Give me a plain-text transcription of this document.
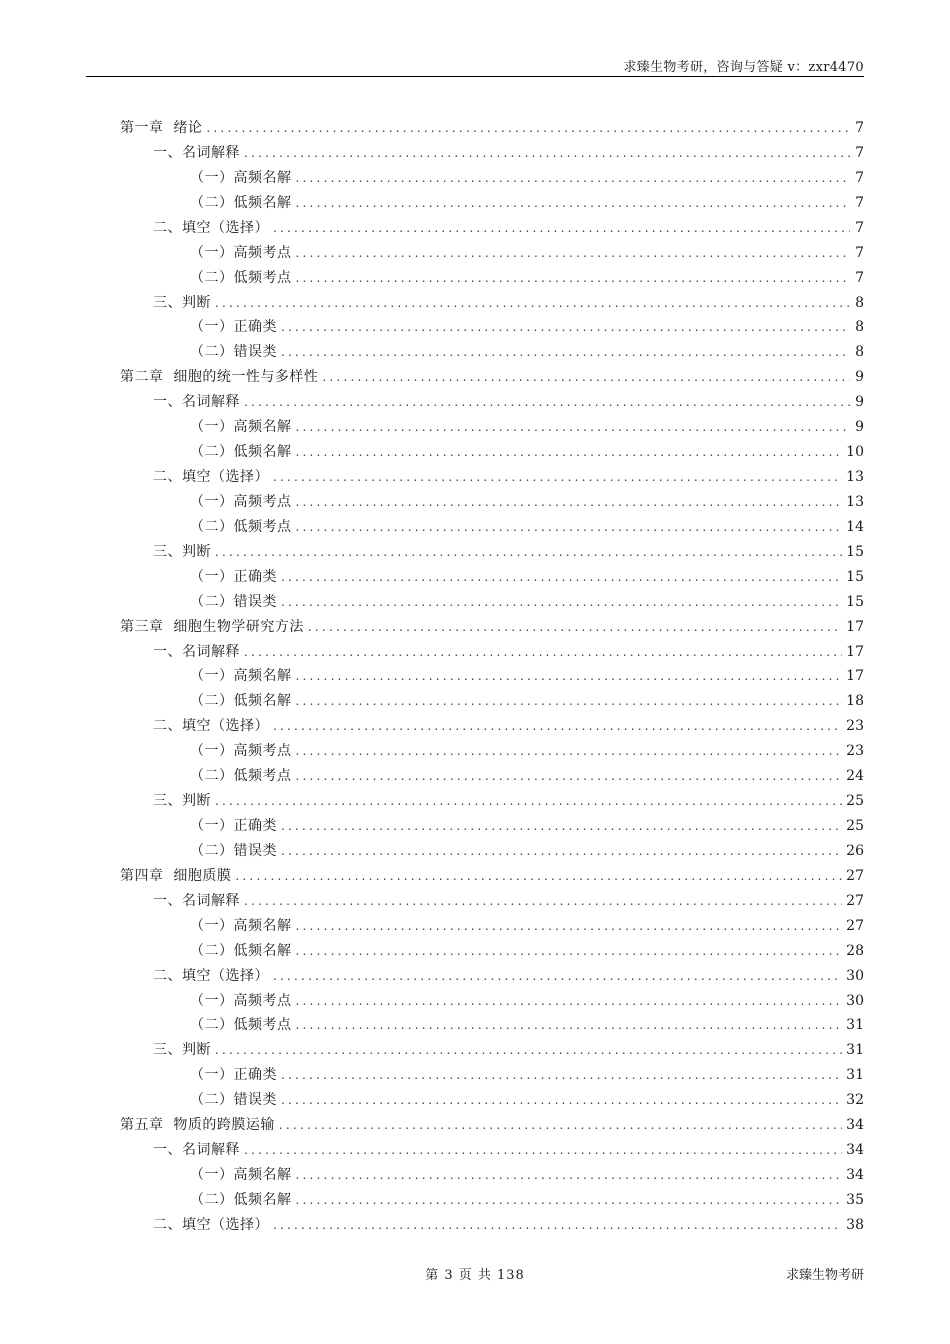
求臻生物考研，咨询与答疑 v：zxr4470
第一章  绪论 .....	7
一、名词解释 .....	7
（一）高频名解 .....	7
（二）低频名解 .....	7
二、填空（选择） .....	7
（一）高频考点 .....	7
（二）低频考点 .....	7
三、判断 .....	8
（一）正确类 .....	8
（二）错误类 .....	8
第二章  细胞的统一性与多样性 .....	9
一、名词解释 .....	9
（一）高频名解 .....	9
（二）低频名解 .....	10
二、填空（选择） .....	13
（一）高频考点 .....	13
（二）低频考点 .....	14
三、判断 .....	15
（一）正确类 .....	15
（二）错误类 .....	15
第三章  细胞生物学研究方法 .....	17
一、名词解释 .....	17
（一）高频名解 .....	17
（二）低频名解 .....	18
二、填空（选择） .....	23
（一）高频考点 .....	23
（二）低频考点 .....	24
三、判断 .....	25
（一）正确类 .....	25
（二）错误类 .....	26
第四章  细胞质膜 .....	27
一、名词解释 .....	27
（一）高频名解 .....	27
（二）低频名解 .....	28
二、填空（选择） .....	30
（一）高频考点 .....	30
（二）低频考点 .....	31
三、判断 .....	31
（一）正确类 .....	31
（二）错误类 .....	32
第五章  物质的跨膜运输 .....	34
一、名词解释 .....	34
（一）高频名解 .....	34
（二）低频名解 .....	35
二、填空（选择） .....	38
第 3 页 共 138	求臻生物考研
